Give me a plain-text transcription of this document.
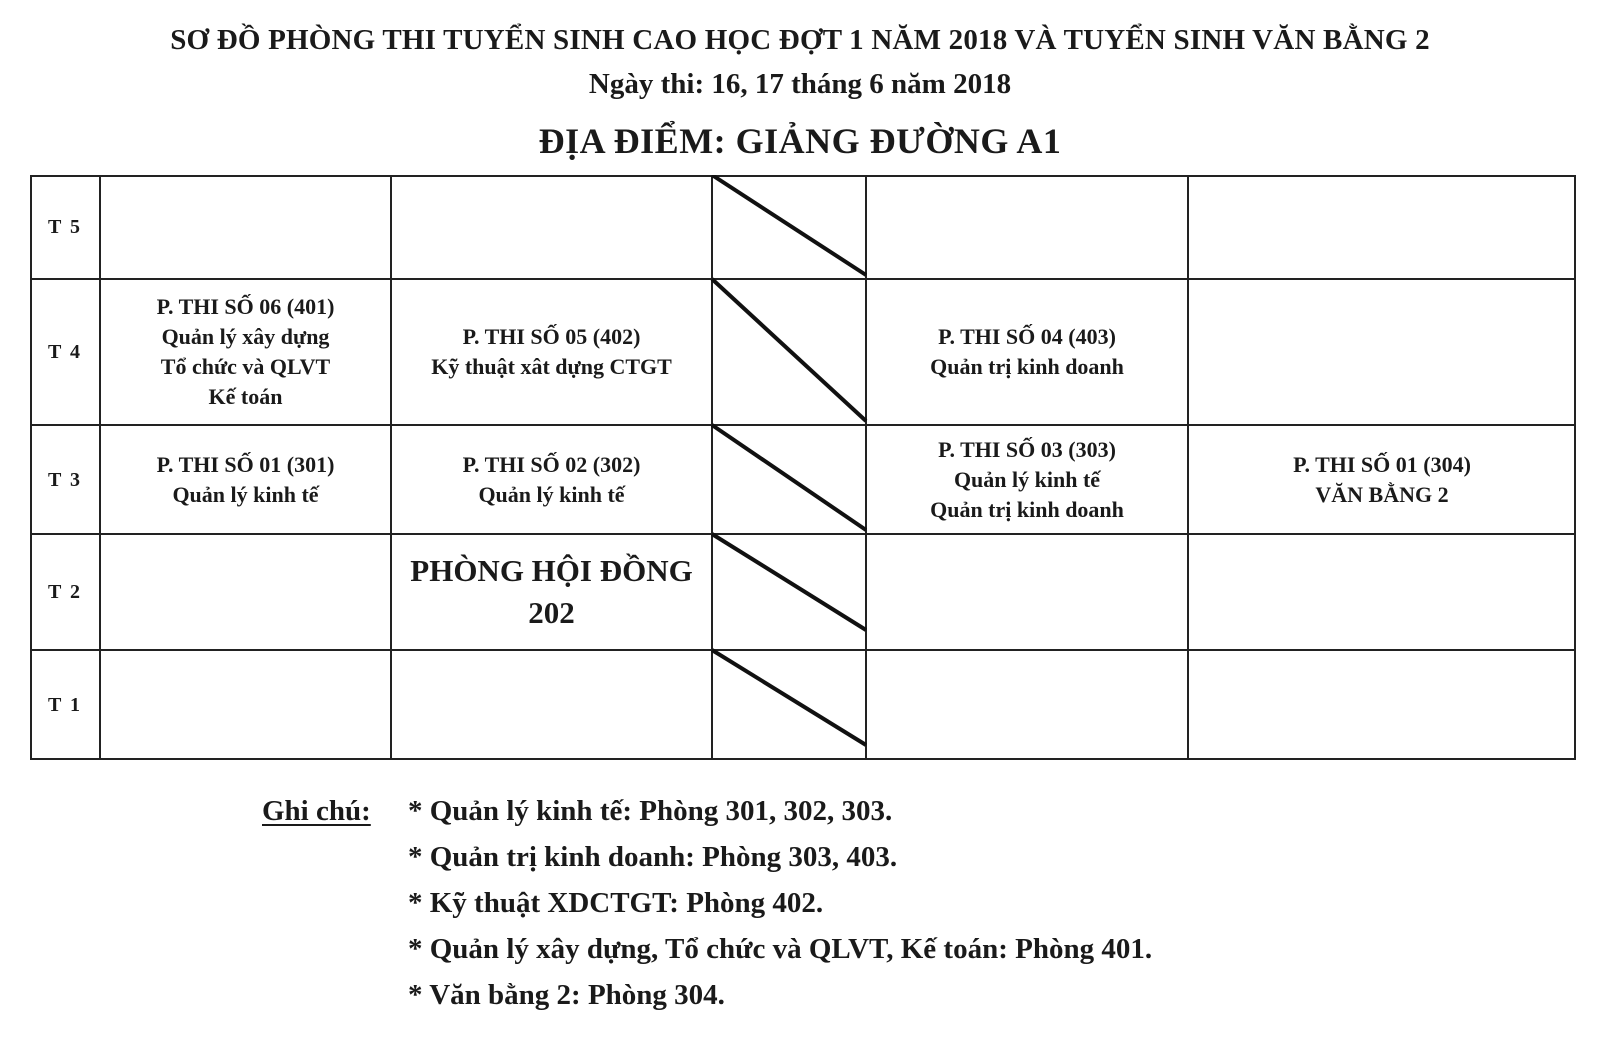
SƠ ĐỒ PHÒNG THI TUYỂN SINH CAO HỌC ĐỢT 1 NĂM 2018 VÀ TUYỂN SINH VĂN BẰNG 2
Ngày thi: 16, 17 tháng 6 năm 2018
ĐỊA ĐIỂM: GIẢNG ĐƯỜNG A1
T 5
T 4
T 3
T 2
T 1
P. THI SỐ 06 (401)
Quản lý xây dựng
Tổ chức và QLVT
Kế toán
P. THI SỐ 05 (402)
Kỹ thuật xât dựng CTGT
P. THI SỐ 04 (403)
Quản trị kinh doanh
P. THI SỐ 01 (301)
Quản lý kinh tế
P. THI SỐ 02 (302)
Quản lý kinh tế
P. THI SỐ 03 (303)
Quản lý kinh tế
Quản trị kinh doanh
P. THI SỐ 01 (304)
VĂN BẰNG 2
PHÒNG HỘI ĐỒNG
202
Ghi chú: * Quản lý kinh tế: Phòng 301, 302, 303.
* Quản trị kinh doanh: Phòng 303, 403.
* Kỹ thuật XDCTGT: Phòng 402.
* Quản lý xây dựng, Tổ chức và QLVT, Kế toán: Phòng 401.
* Văn bằng 2: Phòng 304.
